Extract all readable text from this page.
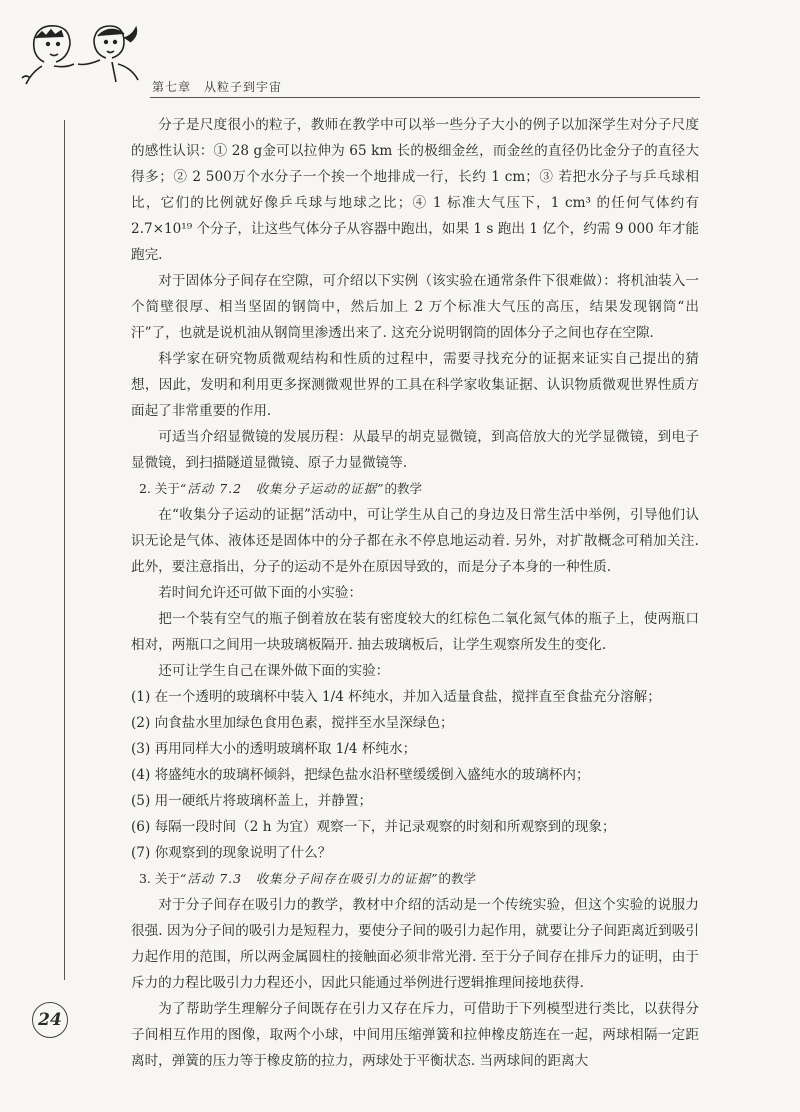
第七章　从粒子到宇宙

分子是尺度很小的粒子，教师在教学中可以举一些分子大小的例子以加深学生对分子尺度的感性认识：① 28 g金可以拉伸为 65 km 长的极细金丝，而金丝的直径仍比金分子的直径大得多；② 2 500万个水分子一个挨一个地排成一行，长约 1 cm；③ 若把水分子与乒乓球相比，它们的比例就好像乒乓球与地球之比；④ 1 标准大气压下，1 cm³ 的任何气体约有 2.7×10¹⁹ 个分子，让这些气体分子从容器中跑出，如果 1 s 跑出 1 亿个，约需 9 000 年才能跑完.

对于固体分子间存在空隙，可介绍以下实例（该实验在通常条件下很难做）：将机油装入一个简壁很厚、相当坚固的钢筒中，然后加上 2 万个标准大气压的高压，结果发现钢筒“出汗”了，也就是说机油从钢筒里渗透出来了. 这充分说明钢筒的固体分子之间也存在空隙.

科学家在研究物质微观结构和性质的过程中，需要寻找充分的证据来证实自己提出的猜想，因此，发明和利用更多探测微观世界的工具在科学家收集证据、认识物质微观世界性质方面起了非常重要的作用.

可适当介绍显微镜的发展历程：从最早的胡克显微镜，到高倍放大的光学显微镜，到电子显微镜，到扫描隧道显微镜、原子力显微镜等.

2. 关于“活动 7.2　收集分子运动的证据”的教学

在“收集分子运动的证据”活动中，可让学生从自己的身边及日常生活中举例，引导他们认识无论是气体、液体还是固体中的分子都在永不停息地运动着. 另外，对扩散概念可稍加关注. 此外，要注意指出，分子的运动不是外在原因导致的，而是分子本身的一种性质.

若时间允许还可做下面的小实验：

把一个装有空气的瓶子倒着放在装有密度较大的红棕色二氧化氮气体的瓶子上，使两瓶口相对，两瓶口之间用一块玻璃板隔开. 抽去玻璃板后，让学生观察所发生的变化.

还可让学生自己在课外做下面的实验：

(1) 在一个透明的玻璃杯中装入 1/4 杯纯水，并加入适量食盐，搅拌直至食盐充分溶解；

(2) 向食盐水里加绿色食用色素，搅拌至水呈深绿色；

(3) 再用同样大小的透明玻璃杯取 1/4 杯纯水；

(4) 将盛纯水的玻璃杯倾斜，把绿色盐水沿杯壁缓缓倒入盛纯水的玻璃杯内；

(5) 用一硬纸片将玻璃杯盖上，并静置；

(6) 每隔一段时间（2 h 为宜）观察一下，并记录观察的时刻和所观察到的现象；

(7) 你观察到的现象说明了什么？

3. 关于“活动 7.3　收集分子间存在吸引力的证据”的教学

对于分子间存在吸引力的教学，教材中介绍的活动是一个传统实验，但这个实验的说服力很强. 因为分子间的吸引力是短程力，要使分子间的吸引力起作用，就要让分子间距离近到吸引力起作用的范围，所以两金属圆柱的接触面必须非常光滑. 至于分子间存在排斥力的证明，由于斥力的力程比吸引力力程还小，因此只能通过举例进行逻辑推理间接地获得.

为了帮助学生理解分子间既存在引力又存在斥力，可借助于下列模型进行类比，以获得分子间相互作用的图像，取两个小球，中间用压缩弹簧和拉伸橡皮筋连在一起，两球相隔一定距离时，弹簧的压力等于橡皮筋的拉力，两球处于平衡状态. 当两球间的距离大

24
